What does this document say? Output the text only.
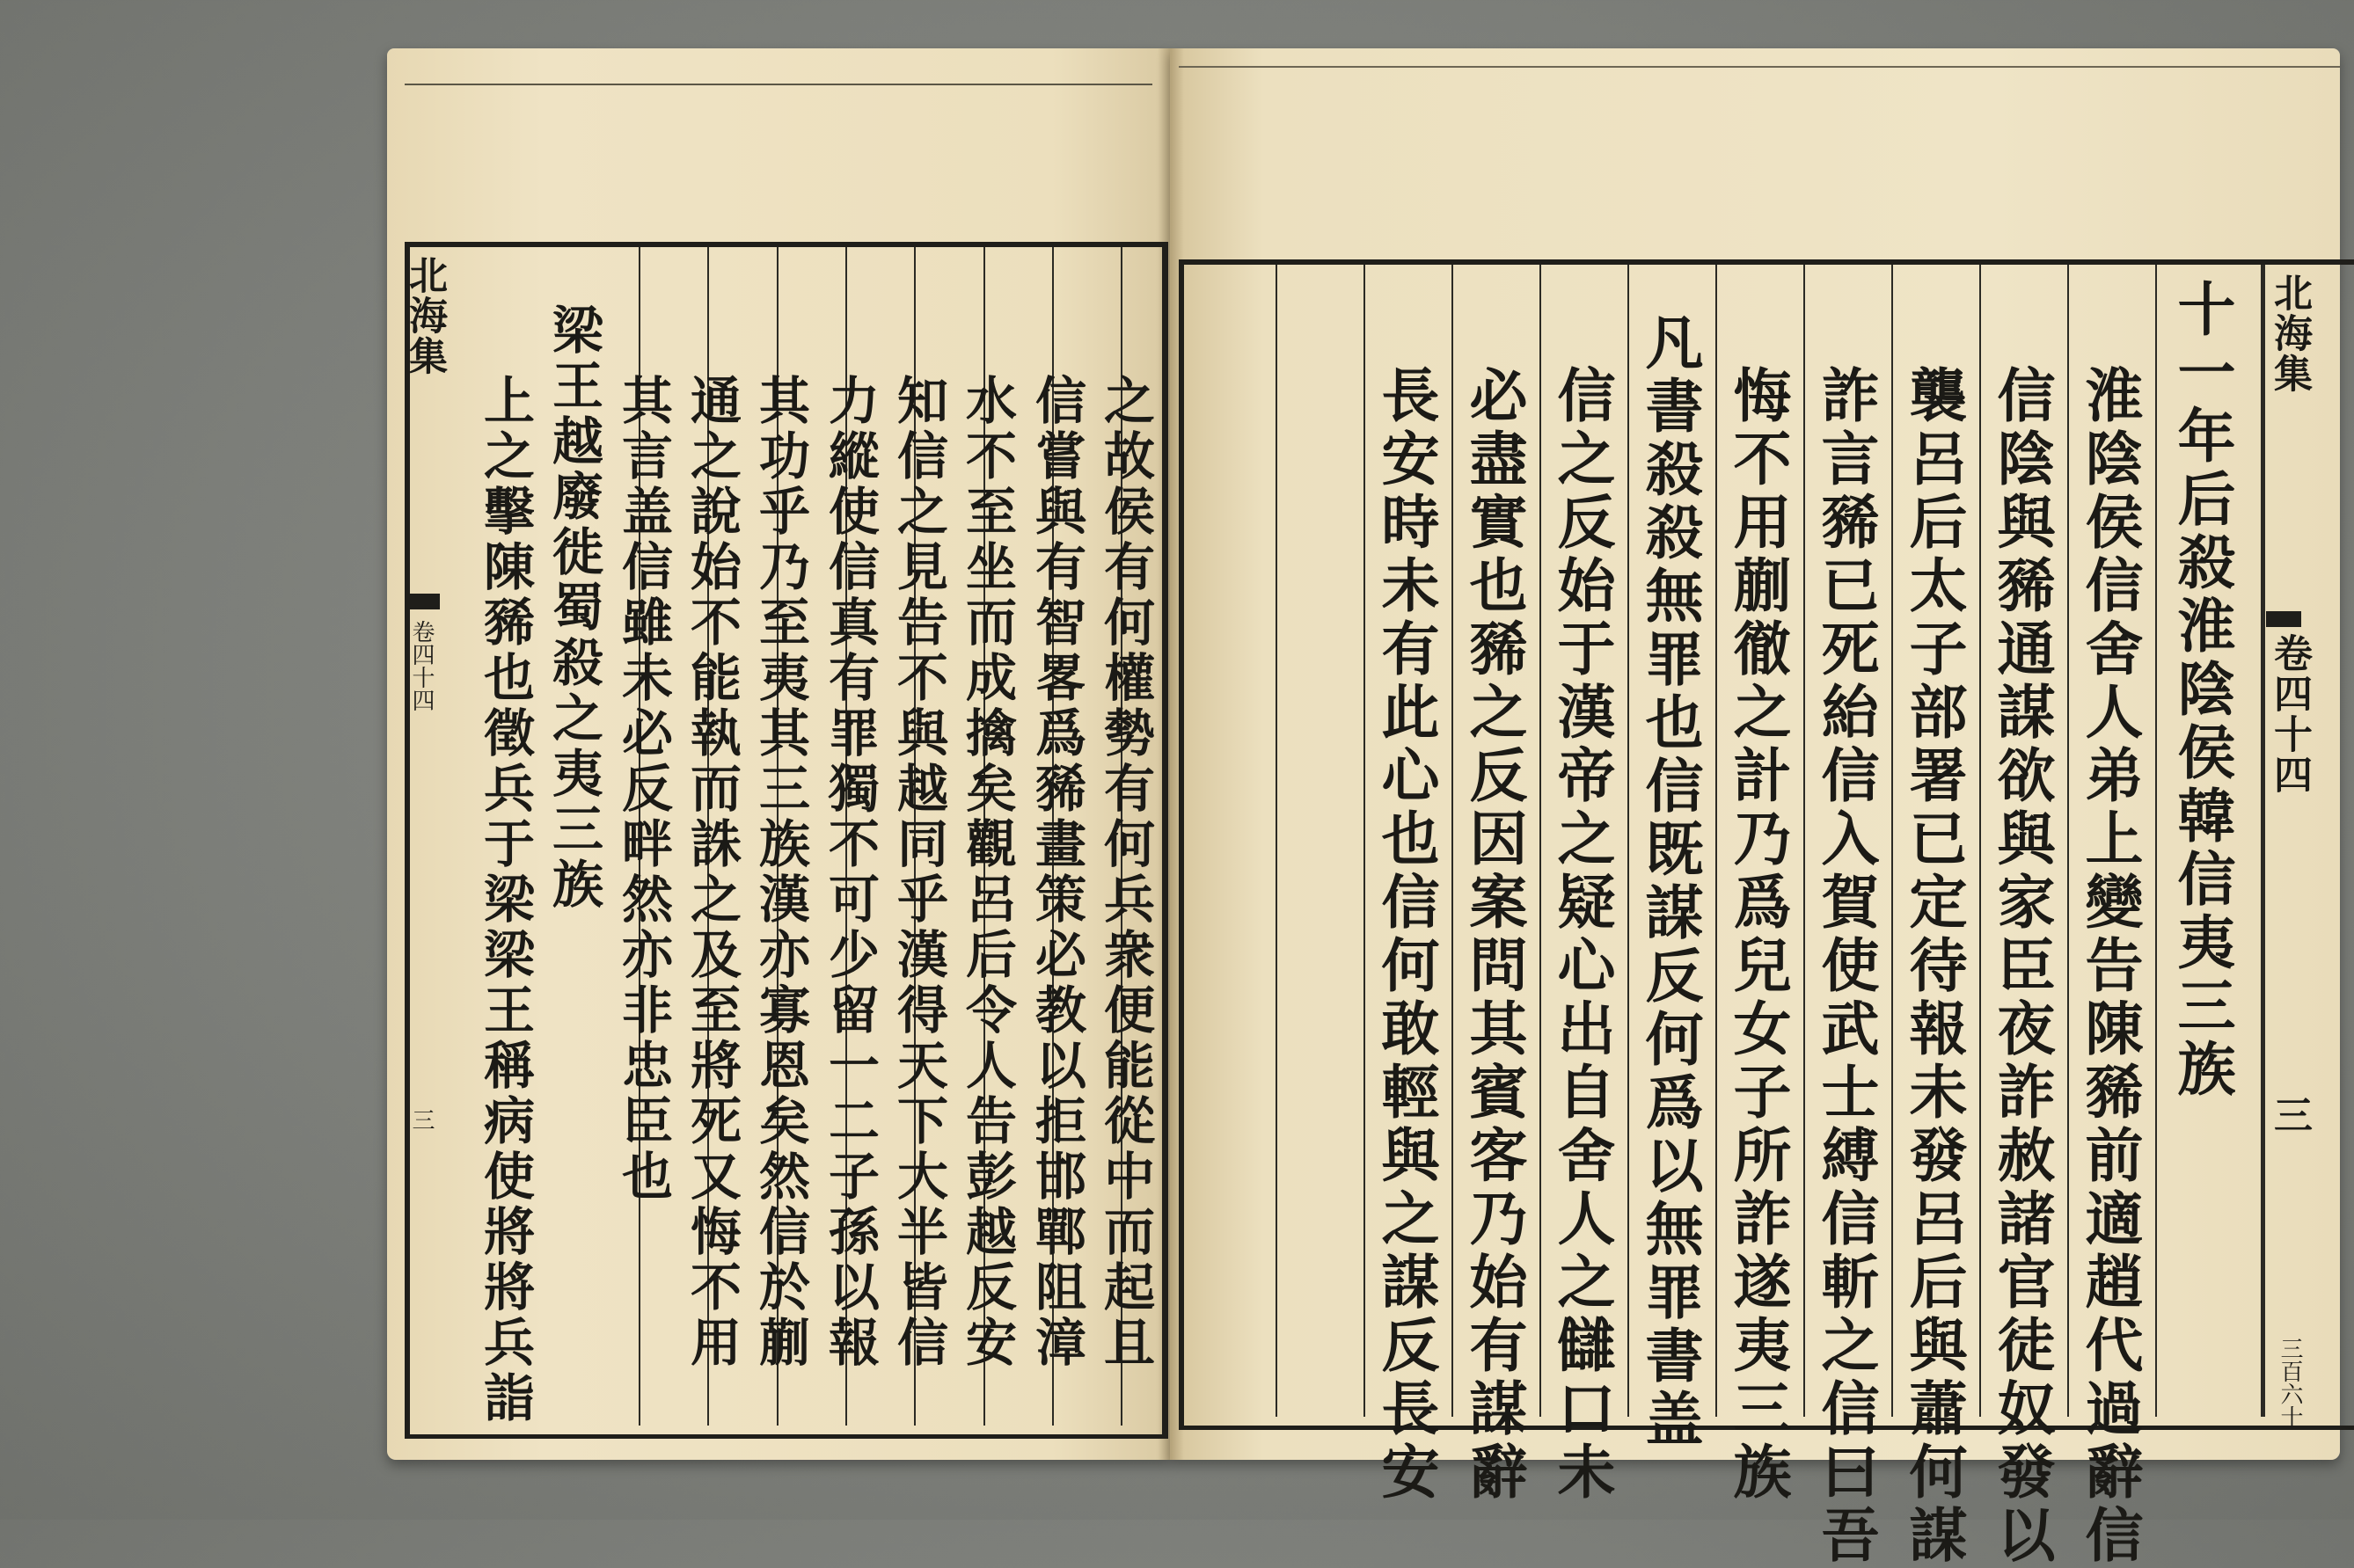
北海集
卷四十四
三	之故侯有何權勢有何兵衆便能從中而起且
信嘗與有智畧爲豨畫策必教以拒邯鄲阻漳
水不至坐而成擒矣觀呂后令人告彭越反安
知信之見告不與越同乎漢得天下大半皆信
力縱使信真有罪獨不可少留一二子孫以報
其功乎乃至夷其三族漢亦寡恩矣然信於蒯
通之說始不能執而誅之及至將死又悔不用
其言盖信雖未必反畔然亦非忠臣也
北海集
卷四十四
三
三百六十
十一年后殺淮陰侯韓信夷三族
淮陰侯信舍人弟上變告陳豨前適趙代過辭信
信陰與豨通謀欲與家臣夜詐赦諸官徒奴發以
襲呂后太子部署已定待報未發呂后與蕭何謀
詐言豨已死紿信入賀使武士縛信斬之信曰吾
悔不用蒯徹之計乃爲兒女子所詐遂夷三族
凡書殺殺無罪也信既謀反何爲以無罪書盖
信之反始于漢帝之疑心出自舍人之讎口未
必盡實也豨之反因案問其賓客乃始有謀辭
長安時未有此心也信何敢輕與之謀反長安
梁王越廢徙蜀殺之夷三族
上之擊陳豨也徵兵于梁梁王稱病使將將兵詣
